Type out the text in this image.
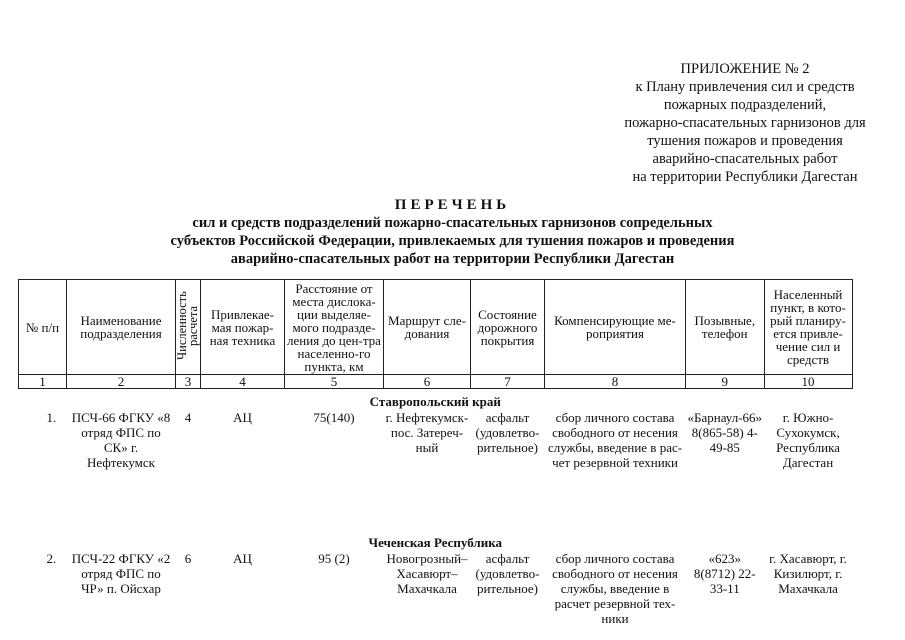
ПРИЛОЖЕНИЕ № 2
к Плану привлечения сил и средств
пожарных подразделений,
пожарно-спасательных гарнизонов для
тушения пожаров и проведения
аварийно-спасательных работ
на территории Республики Дагестан
ПЕРЕЧЕНЬ
сил и средств подразделений пожарно-спасательных гарнизонов сопредельных
субъектов Российской Федерации, привлекаемых для тушения пожаров и проведения
аварийно-спасательных работ на территории Республики Дагестан
№ п/п	Наименование подразделения	Численность расчета	Привлекае-мая пожар-ная техника	Расстояние от места дислока-ции выделяе-мого подразде-ления до цен-тра населенно-го пункта, км	Маршрут сле-дования	Состояние дорожного покрытия	Компенсирующие ме-роприятия	Позывные, телефон	Населенный пункт, в кото-рый планиру-ется привле-чение сил и средств
1	2	3	4	5	6	7	8	9	10
Ставропольский край									
1.	ПСЧ-66 ФГКУ «8 отряд ФПС по СК» г. Нефтекумск	4	АЦ	75(140)	г. Нефтекумск-пос. Затереч-ный	асфальт (удовлетво-рительное)	сбор личного состава свободного от несения службы, введение в рас-чет резервной техники	«Барнаул-66» 8(865-58) 4-49-85	г. Южно-Сухокумск, Республика Дагестан

Чеченская Республика									
2.	ПСЧ-22 ФГКУ «2 отряд ФПС по ЧР» п. Ойсхар	6	АЦ	95 (2)	Новогрозный–Хасавюрт–Махачкала	асфальт (удовлетво-рительное)	сбор личного состава свободного от несения службы, введение в расчет резервной тех-ники	«623» 8(8712) 22-33-11	г. Хасавюрт, г. Кизилюрт, г. Махачкала
